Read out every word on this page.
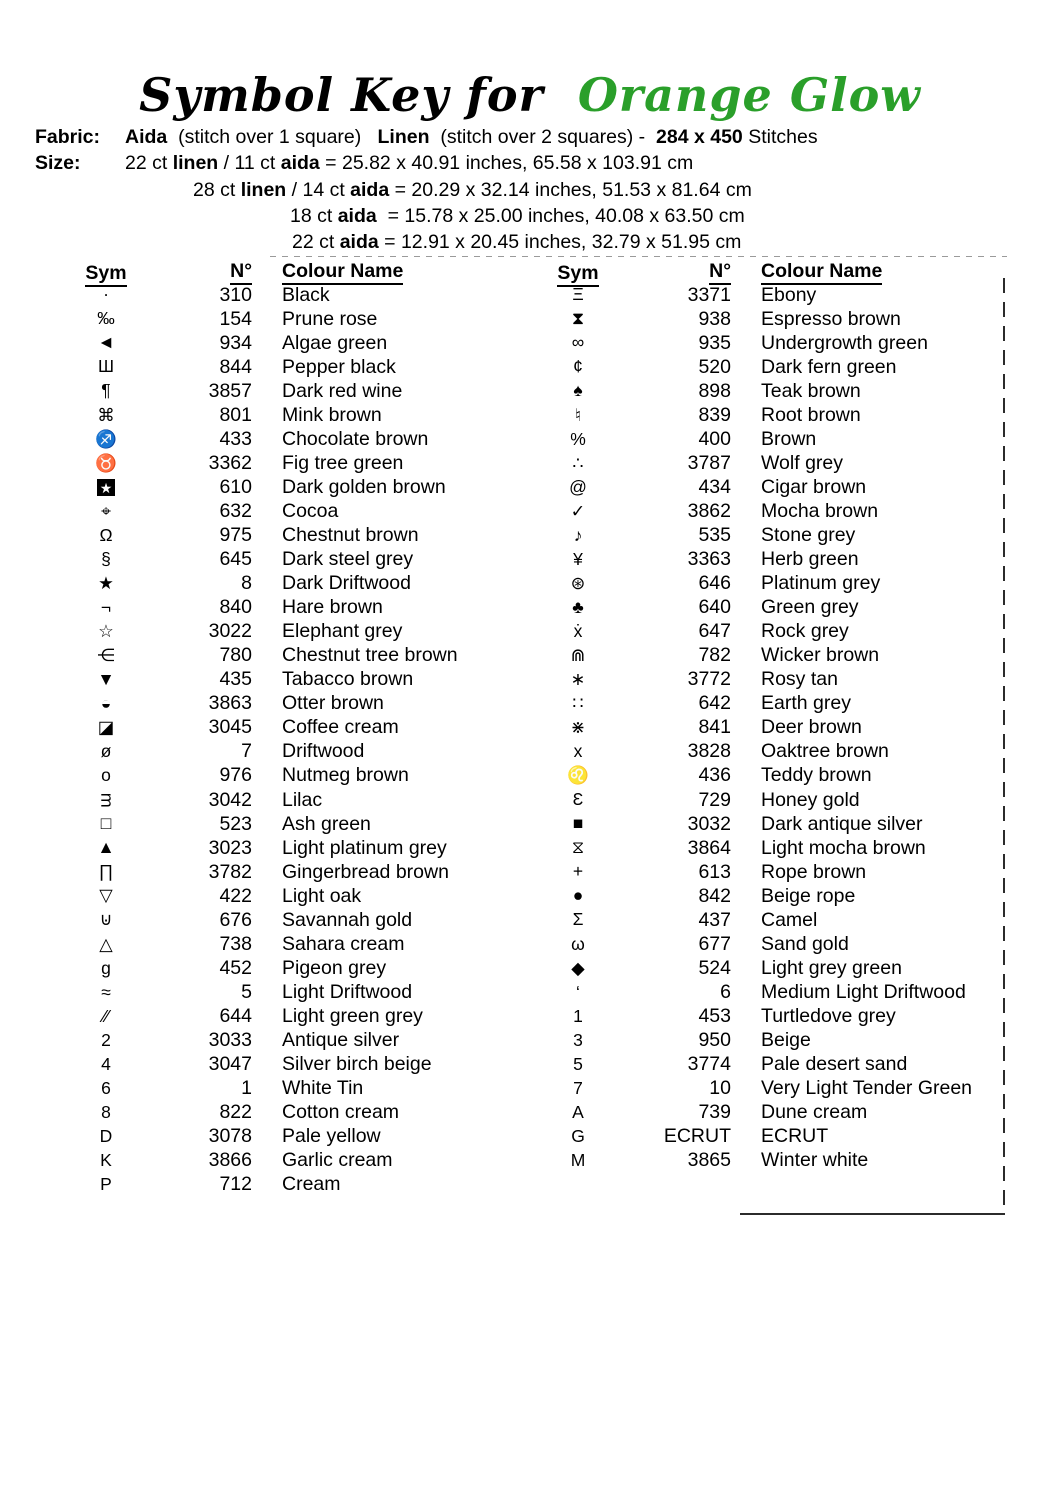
Symbol Key for  Orange Glow
Fabric: Aida  (stitch over 1 square)   Linen  (stitch over 2 squares) -  284 x 450 Stitches
Size:	22 ct linen / 11 ct aida = 25.82 x 40.91 inches, 65.58 x 103.91 cm
28 ct linen / 14 ct aida = 20.29 x 32.14 inches, 51.53 x 81.64 cm
18 ct aida  = 15.78 x 25.00 inches, 40.08 x 63.50 cm
22 ct aida = 12.91 x 20.45 inches, 32.79 x 51.95 cm
Sym	N° Colour Name
·	310 Black
‰	154 Prune rose
◄	934 Algae green
Ш	844 Pepper black
¶	3857 Dark red wine
⌘	801 Mink brown
♐	433 Chocolate brown
♉	3362 Fig tree green
★	610 Dark golden brown
⌖	632 Cocoa
Ω	975 Chestnut brown
§	645 Dark steel grey
★	8 Dark Driftwood
¬	840 Hare brown
☆	3022 Elephant grey
⋲	780 Chestnut tree brown
▼	435 Tabacco brown
◒	3863 Otter brown
◪	3045 Coffee cream
ø	7 Driftwood
o	976 Nutmeg brown
ᴟ	3042 Lilac
□	523 Ash green
▲	3023 Light platinum grey
∏	3782 Gingerbread brown
▽	422 Light oak
⊍	676 Savannah gold
△	738 Sahara cream
g	452 Pigeon grey
≈	5 Light Driftwood
∕∕	644 Light green grey
2	3033 Antique silver
4	3047 Silver birch beige
6	1 White Tin
8	822 Cotton cream
D	3078 Pale yellow
K	3866 Garlic cream
P	712 Cream
Sym	N° Colour Name
Ξ	3371 Ebony
⧗	938 Espresso brown
∞	935 Undergrowth green
¢	520 Dark fern green
♠	898 Teak brown
♮	839 Root brown
%	400 Brown
∴	3787 Wolf grey
@	434 Cigar brown
✓	3862 Mocha brown
♪	535 Stone grey
¥	3363 Herb green
⊛	646 Platinum grey
♣	640 Green grey
ẋ	647 Rock grey
⋒	782 Wicker brown
∗	3772 Rosy tan
∷	642 Earth grey
⋇	841 Deer brown
x	3828 Oaktree brown
♌	436 Teddy brown
Ɛ	729 Honey gold
■	3032 Dark antique silver
⧖	3864 Light mocha brown
+	613 Rope brown
●	842 Beige rope
Σ	437 Camel
ω	677 Sand gold
◆	524 Light grey green
‘	6 Medium Light Driftwood
1	453 Turtledove grey
3	950 Beige
5	3774 Pale desert sand
7	10 Very Light Tender Green
A	739 Dune cream
G	ECRUT ECRUT
M	3865 Winter white
